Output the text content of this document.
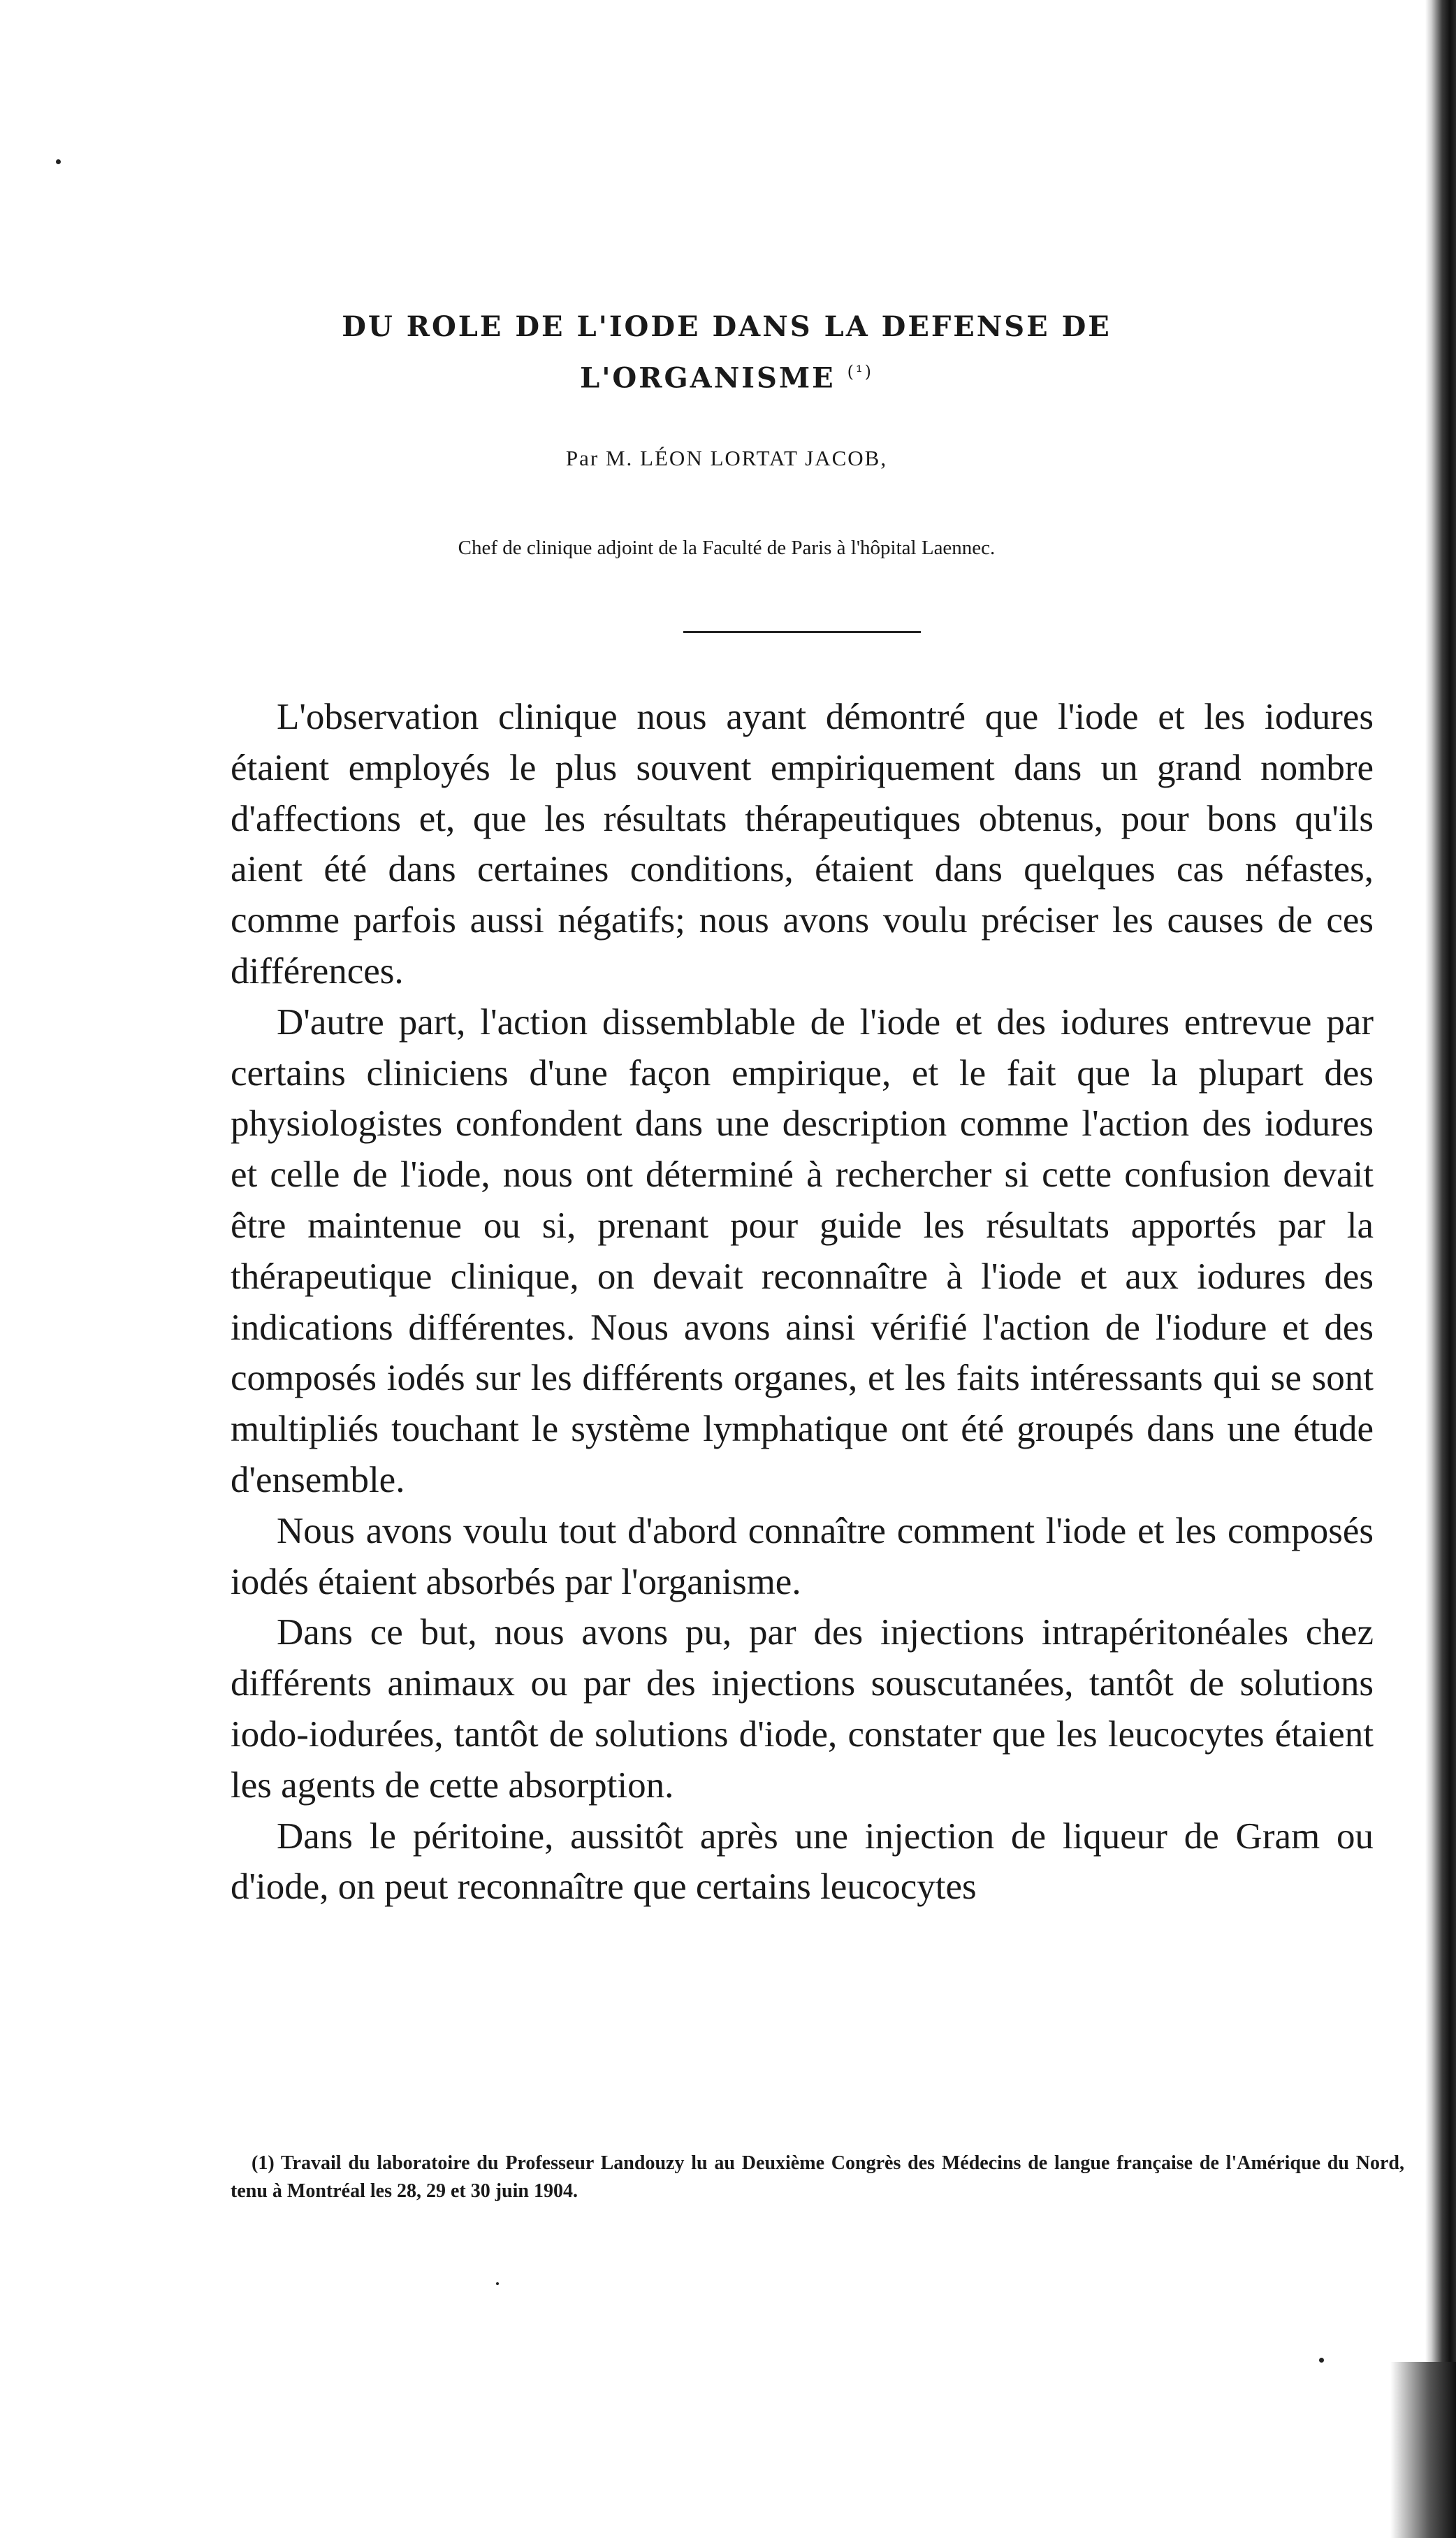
DU ROLE DE L'IODE DANS LA DEFENSE DE L'ORGANISME $^{(^1)}$

Par M. LÉON LORTAT JACOB,

Chef de clinique adjoint de la Faculté de Paris à l'hôpital Laennec.

L'observation clinique nous ayant démontré que l'iode et les iodures étaient employés le plus souvent empiriquement dans un grand nombre d'affections et, que les résultats thérapeutiques obtenus, pour bons qu'ils aient été dans certaines conditions, étaient dans quelques cas néfastes, comme parfois aussi négatifs; nous avons voulu préciser les causes de ces différences.

D'autre part, l'action dissemblable de l'iode et des iodures entrevue par certains cliniciens d'une façon empirique, et le fait que la plupart des physiologistes confondent dans une description comme l'action des iodures et celle de l'iode, nous ont déterminé à rechercher si cette confusion devait être maintenue ou si, prenant pour guide les résultats apportés par la thérapeutique clinique, on devait reconnaître à l'iode et aux iodures des indications différentes. Nous avons ainsi vérifié l'action de l'iodure et des composés iodés sur les différents organes, et les faits intéressants qui se sont multipliés touchant le système lymphatique ont été groupés dans une étude d'ensemble.

Nous avons voulu tout d'abord connaître comment l'iode et les composés iodés étaient absorbés par l'organisme.

Dans ce but, nous avons pu, par des injections intrapéritonéales chez différents animaux ou par des injections souscutanées, tantôt de solutions iodo-iodurées, tantôt de solutions d'iode, constater que les leucocytes étaient les agents de cette absorption.

Dans le péritoine, aussitôt après une injection de liqueur de Gram ou d'iode, on peut reconnaître que certains leucocytes

(1) Travail du laboratoire du Professeur Landouzy lu au Deuxième Congrès des Médecins de langue française de l'Amérique du Nord, tenu à Montréal les 28, 29 et 30 juin 1904.
